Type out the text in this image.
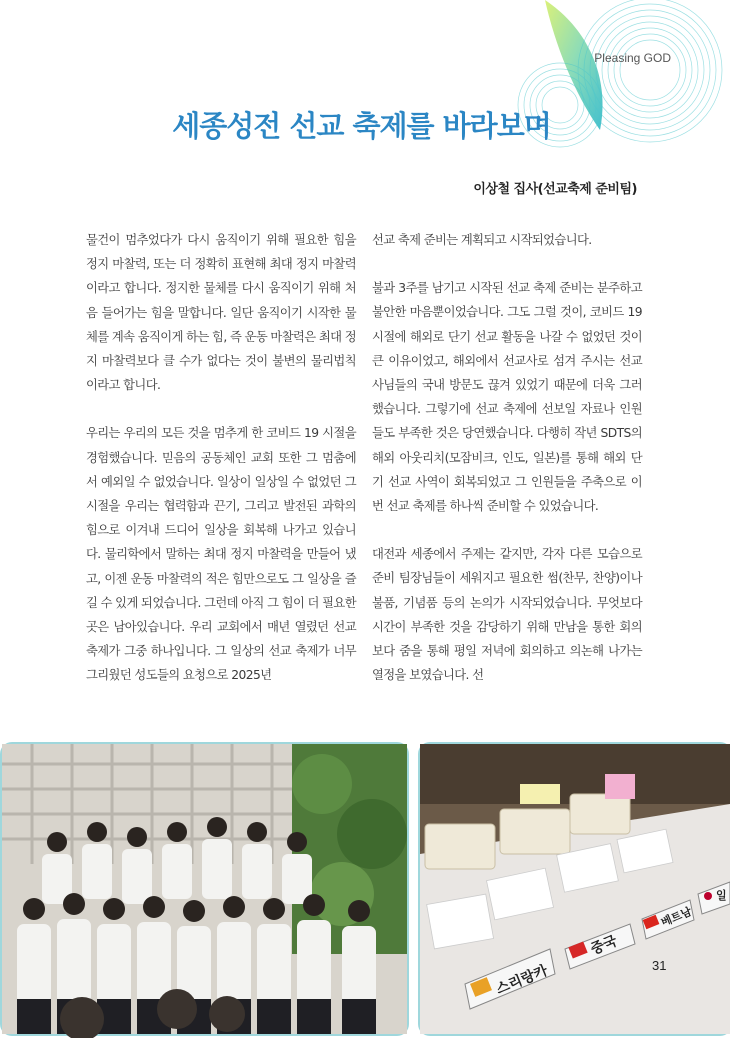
Pleasing GOD
세종성전 선교 축제를 바라보며
이상철 집사(선교축제 준비팀)

물건이 멈추었다가 다시 움직이기 위해 필요한 힘을 정지 마찰력, 또는 더 정확히 표현해 최대 정지 마찰력이라고 합니다. 정지한 물체를 다시 움직이기 위해 처음 들어가는 힘을 말합니다. 일단 움직이기 시작한 물체를 계속 움직이게 하는 힘, 즉 운동 마찰력은 최대 정지 마찰력보다 클 수가 없다는 것이 불변의 물리법칙이라고 합니다.

우리는 우리의 모든 것을 멈추게 한 코비드 19 시절을 경험했습니다. 믿음의 공동체인 교회 또한 그 멈춤에서 예외일 수 없었습니다. 일상이 일상일 수 없었던 그 시절을 우리는 협력함과 끈기, 그리고 발전된 과학의 힘으로 이겨내 드디어 일상을 회복해 나가고 있습니다. 물리학에서 말하는 최대 정지 마찰력을 만들어 냈고, 이젠 운동 마찰력의 적은 힘만으로도 그 일상을 즐길 수 있게 되었습니다. 그런데 아직 그 힘이 더 필요한 곳은 남아있습니다. 우리 교회에서 매년 열렸던 선교 축제가 그중 하나입니다. 그 일상의 선교 축제가 너무 그리웠던 성도들의 요청으로 2025년

선교 축제 준비는 계획되고 시작되었습니다.

불과 3주를 남기고 시작된 선교 축제 준비는 분주하고 불안한 마음뿐이었습니다. 그도 그럴 것이, 코비드 19 시절에 해외로 단기 선교 활동을 나갈 수 없었던 것이 큰 이유이었고, 해외에서 선교사로 섬겨 주시는 선교사님들의 국내 방문도 끊겨 있었기 때문에 더욱 그러했습니다. 그렇기에 선교 축제에 선보일 자료나 인원들도 부족한 것은 당연했습니다. 다행히 작년 SDTS의 해외 아웃리치(모잠비크, 인도, 일본)를 통해 해외 단기 선교 사역이 회복되었고 그 인원들을 주축으로 이번 선교 축제를 하나씩 준비할 수 있었습니다.

대전과 세종에서 주제는 같지만, 각자 다른 모습으로 준비 팀장님들이 세워지고 필요한 썸(찬무, 찬양)이나 불품, 기념품 등의 논의가 시작되었습니다. 무엇보다 시간이 부족한 것을 감당하기 위해 만남을 통한 회의보다 줌을 통해 평일 저녁에 회의하고 의논해 나가는 열정을 보였습니다. 선

스리랑카
중국
베트남
일
31
